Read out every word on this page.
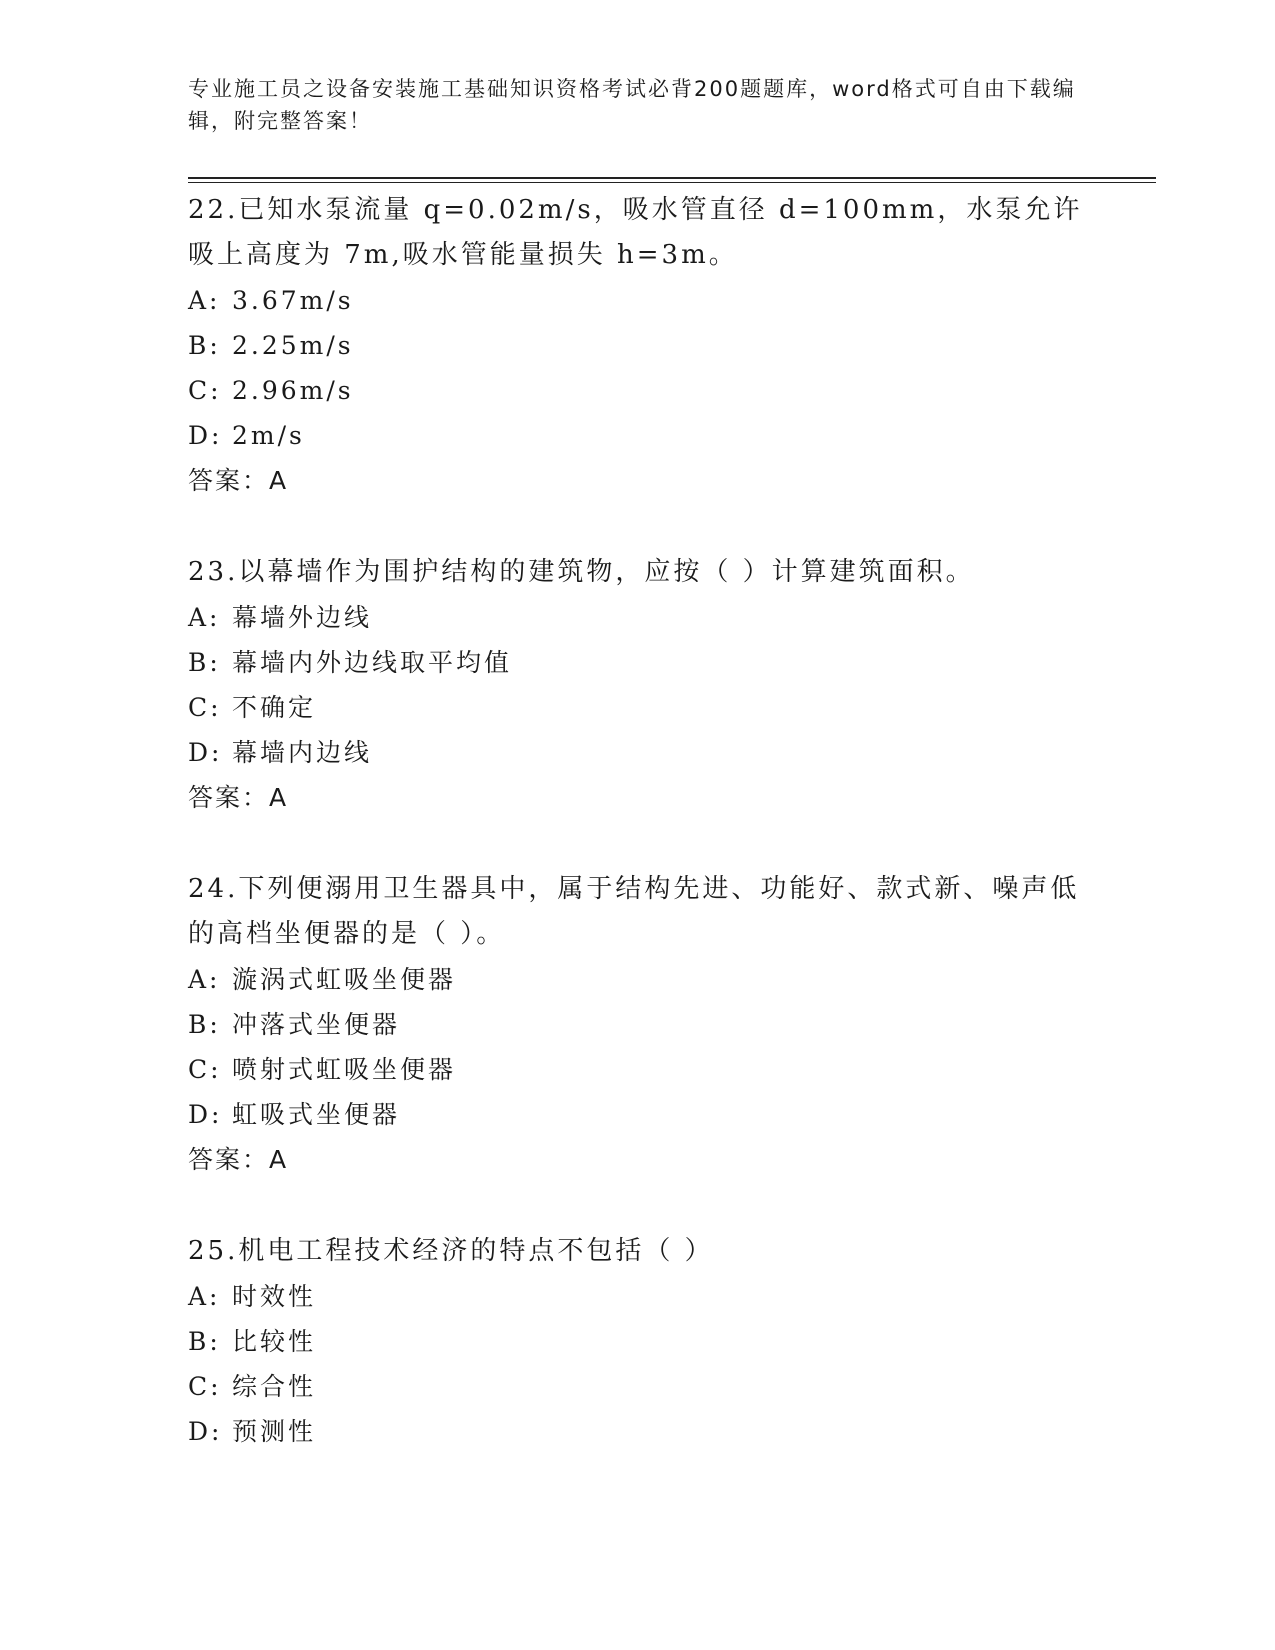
专业施工员之设备安装施工基础知识资格考试必背200题题库，word格式可自由下载编辑，附完整答案！

22.已知水泵流量 q=0.02m/s，吸水管直径 d=100mm，水泵允许吸上高度为 7m,吸水管能量损失 h=3m。

A: 3.67m/s

B: 2.25m/s

C: 2.96m/s

D: 2m/s

答案：A

23.以幕墙作为围护结构的建筑物，应按（ ）计算建筑面积。

A: 幕墙外边线

B: 幕墙内外边线取平均值

C: 不确定

D: 幕墙内边线

答案：A

24.下列便溺用卫生器具中，属于结构先进、功能好、款式新、噪声低的高档坐便器的是（ ）。

A: 漩涡式虹吸坐便器

B: 冲落式坐便器

C: 喷射式虹吸坐便器

D: 虹吸式坐便器

答案：A

25.机电工程技术经济的特点不包括（ ）

A: 时效性

B: 比较性

C: 综合性

D: 预测性
